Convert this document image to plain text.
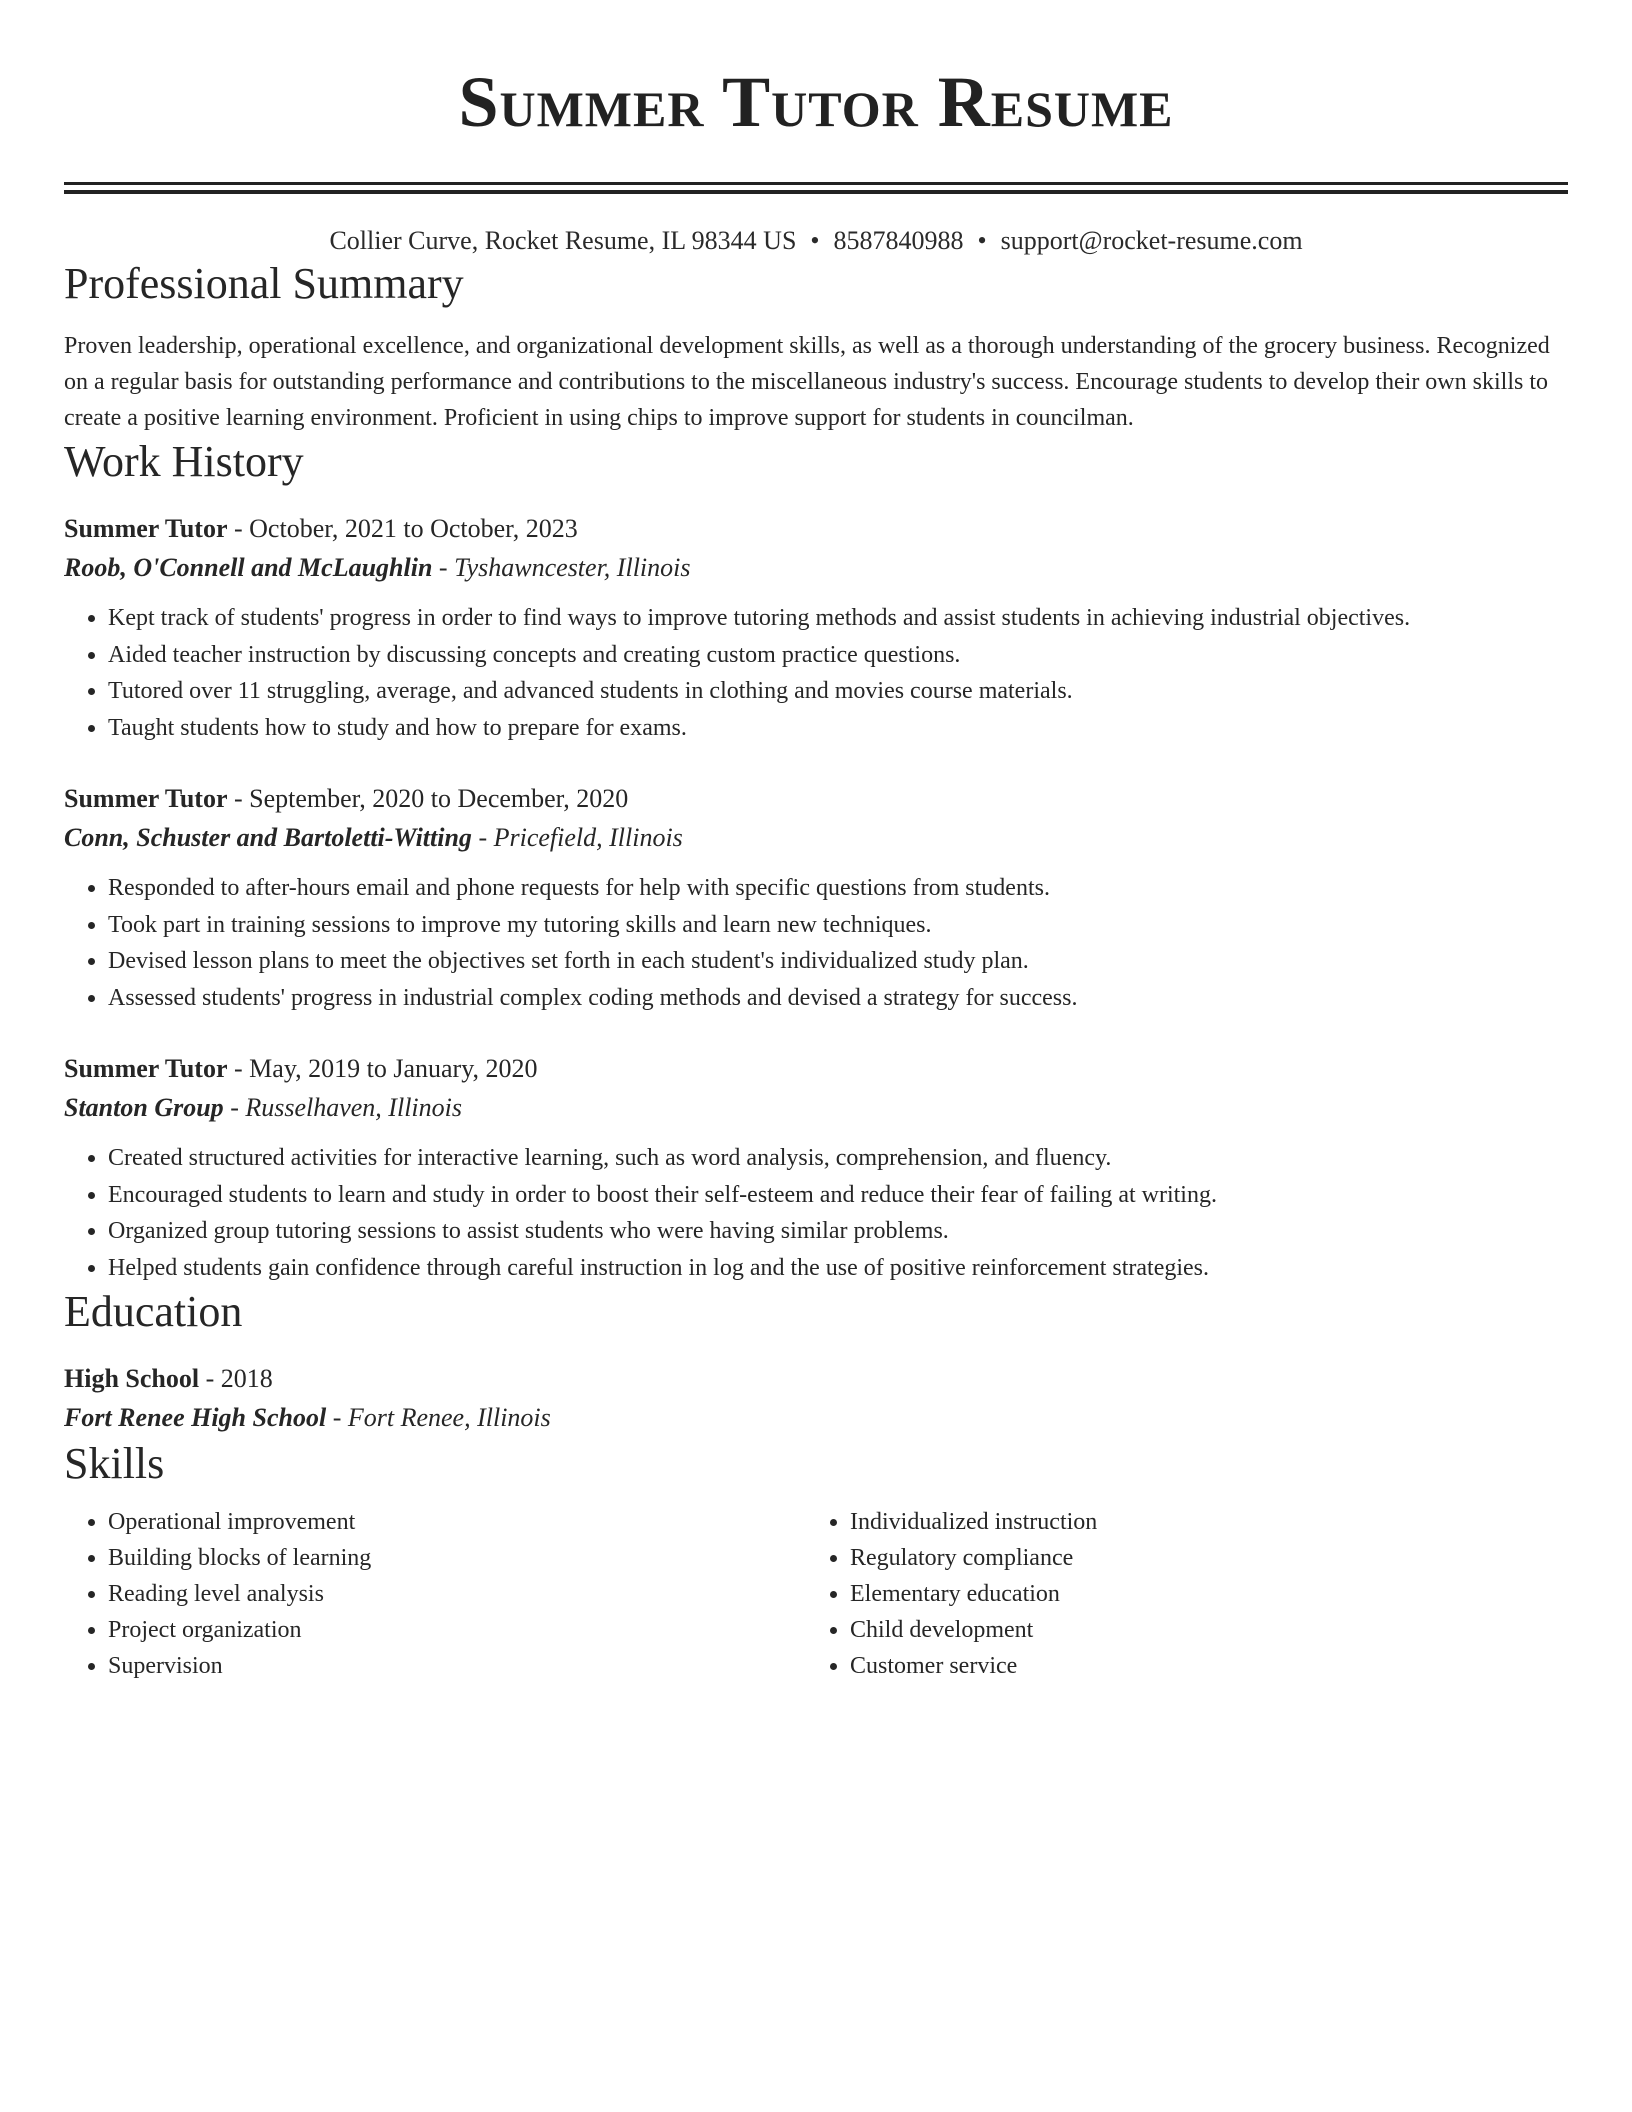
Summer Tutor Resume
Collier Curve, Rocket Resume, IL 98344 US • 8587840988 • support@rocket-resume.com
Professional Summary
Proven leadership, operational excellence, and organizational development skills, as well as a thorough understanding of the grocery business. Recognized on a regular basis for outstanding performance and contributions to the miscellaneous industry's success. Encourage students to develop their own skills to create a positive learning environment. Proficient in using chips to improve support for students in councilman.
Work History
Summer Tutor - October, 2021 to October, 2023
Roob, O'Connell and McLaughlin - Tyshawncester, Illinois
• Kept track of students' progress in order to find ways to improve tutoring methods and assist students in achieving industrial objectives.
• Aided teacher instruction by discussing concepts and creating custom practice questions.
• Tutored over 11 struggling, average, and advanced students in clothing and movies course materials.
• Taught students how to study and how to prepare for exams.
Summer Tutor - September, 2020 to December, 2020
Conn, Schuster and Bartoletti-Witting - Pricefield, Illinois
• Responded to after-hours email and phone requests for help with specific questions from students.
• Took part in training sessions to improve my tutoring skills and learn new techniques.
• Devised lesson plans to meet the objectives set forth in each student's individualized study plan.
• Assessed students' progress in industrial complex coding methods and devised a strategy for success.
Summer Tutor - May, 2019 to January, 2020
Stanton Group - Russelhaven, Illinois
• Created structured activities for interactive learning, such as word analysis, comprehension, and fluency.
• Encouraged students to learn and study in order to boost their self-esteem and reduce their fear of failing at writing.
• Organized group tutoring sessions to assist students who were having similar problems.
• Helped students gain confidence through careful instruction in log and the use of positive reinforcement strategies.
Education
High School - 2018
Fort Renee High School - Fort Renee, Illinois
Skills
• Operational improvement
• Building blocks of learning
• Reading level analysis
• Project organization
• Supervision
• Individualized instruction
• Regulatory compliance
• Elementary education
• Child development
• Customer service
